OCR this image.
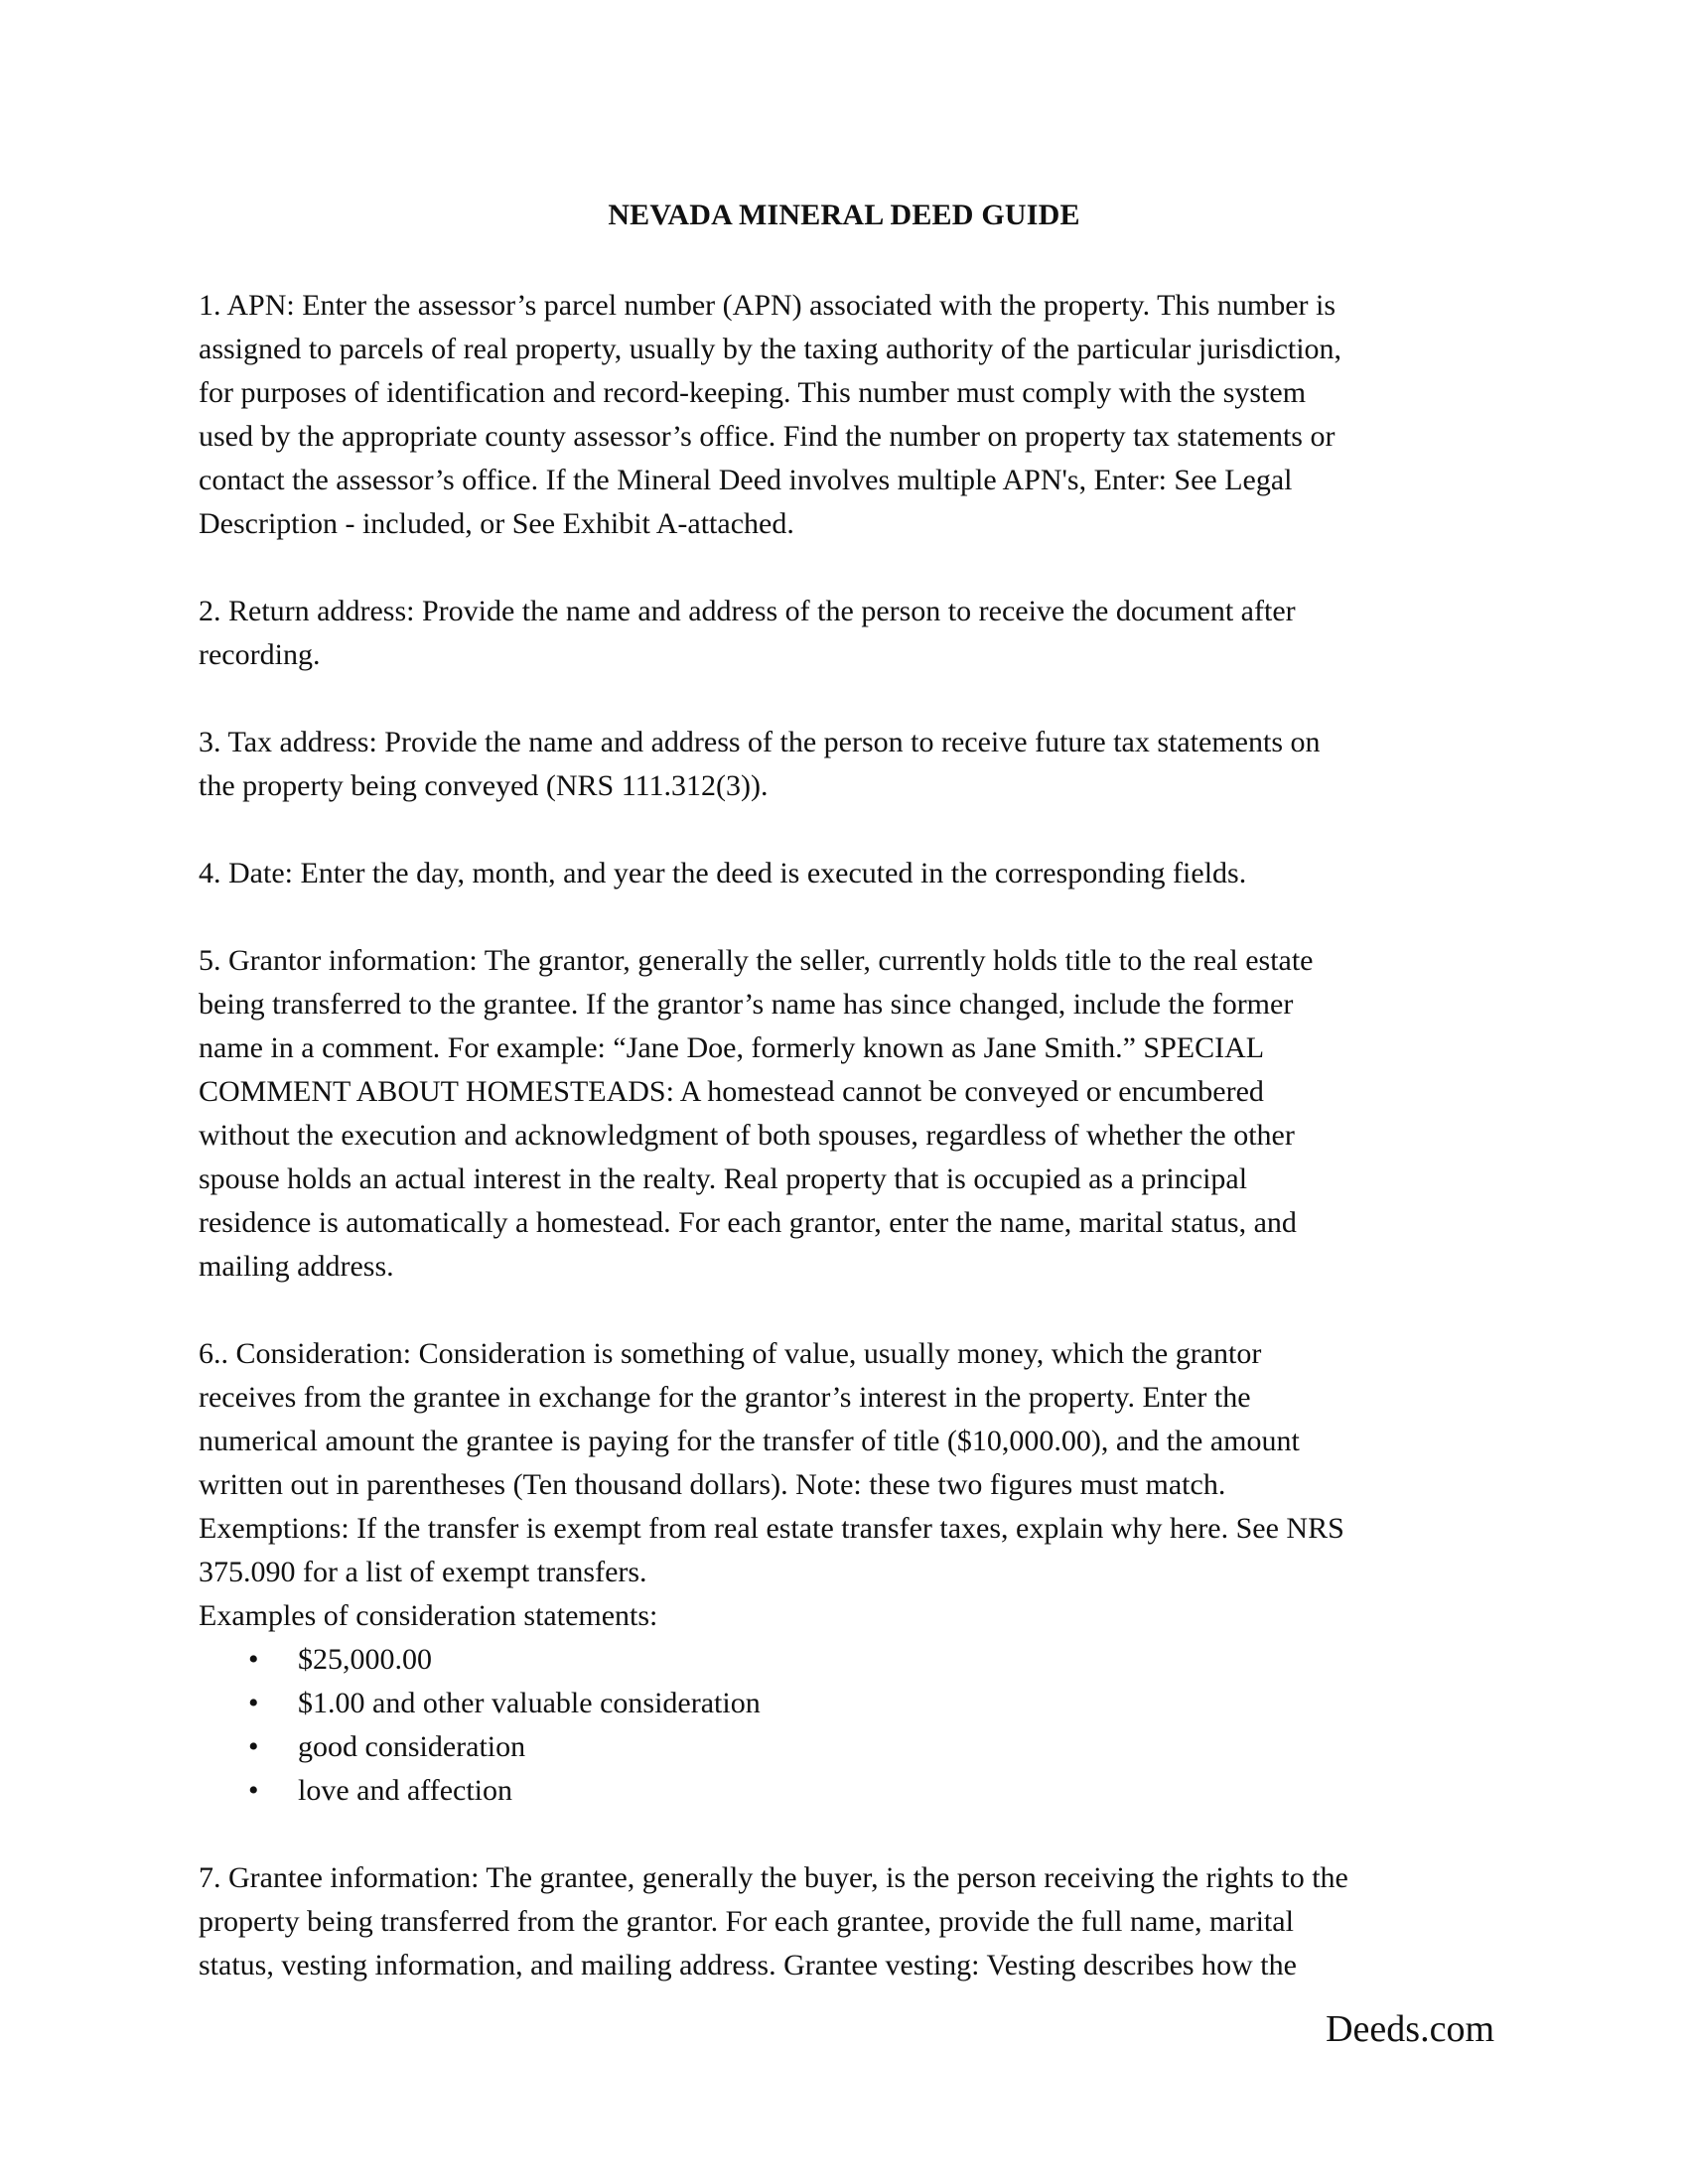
NEVADA MINERAL DEED GUIDE
1. APN: Enter the assessor’s parcel number (APN) associated with the property. This number is
assigned to parcels of real property, usually by the taxing authority of the particular jurisdiction,
for purposes of identification and record-keeping. This number must comply with the system
used by the appropriate county assessor’s office. Find the number on property tax statements or
contact the assessor’s office. If the Mineral Deed involves multiple APN's, Enter: See Legal
Description - included, or See Exhibit A-attached.
2. Return address: Provide the name and address of the person to receive the document after
recording.
3. Tax address: Provide the name and address of the person to receive future tax statements on
the property being conveyed (NRS 111.312(3)).
4. Date: Enter the day, month, and year the deed is executed in the corresponding fields.
5. Grantor information: The grantor, generally the seller, currently holds title to the real estate
being transferred to the grantee. If the grantor’s name has since changed, include the former
name in a comment. For example: “Jane Doe, formerly known as Jane Smith.” SPECIAL
COMMENT ABOUT HOMESTEADS: A homestead cannot be conveyed or encumbered
without the execution and acknowledgment of both spouses, regardless of whether the other
spouse holds an actual interest in the realty. Real property that is occupied as a principal
residence is automatically a homestead. For each grantor, enter the name, marital status, and
mailing address.
6.. Consideration: Consideration is something of value, usually money, which the grantor
receives from the grantee in exchange for the grantor’s interest in the property. Enter the
numerical amount the grantee is paying for the transfer of title ($10,000.00), and the amount
written out in parentheses (Ten thousand dollars). Note: these two figures must match.
Exemptions: If the transfer is exempt from real estate transfer taxes, explain why here. See NRS
375.090 for a list of exempt transfers.
Examples of consideration statements:
• $25,000.00
• $1.00 and other valuable consideration
• good consideration
• love and affection
7. Grantee information: The grantee, generally the buyer, is the person receiving the rights to the
property being transferred from the grantor. For each grantee, provide the full name, marital
status, vesting information, and mailing address. Grantee vesting: Vesting describes how the
Deeds.com
